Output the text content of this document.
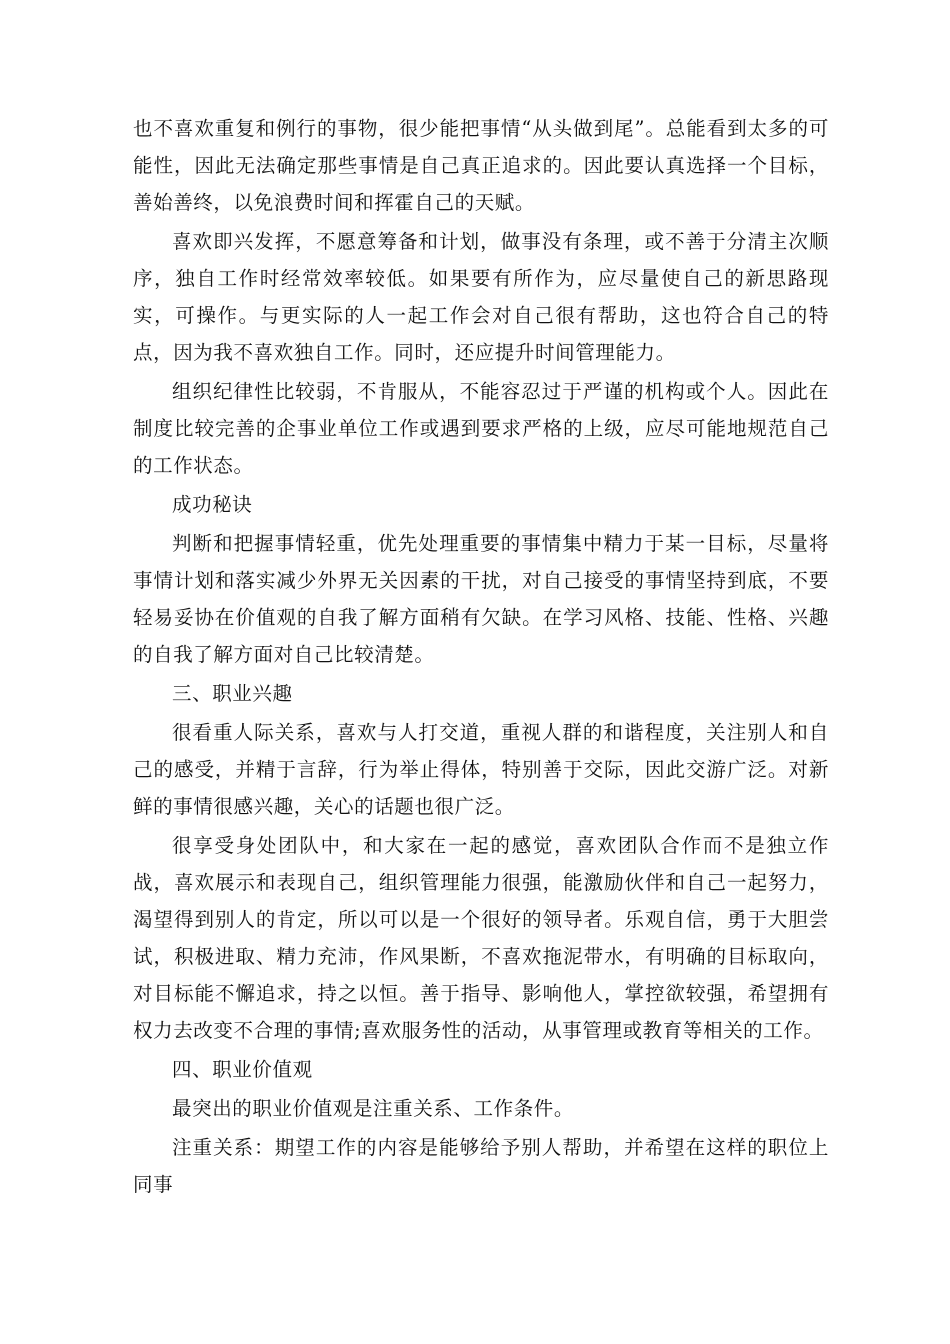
也不喜欢重复和例行的事物，很少能把事情“从头做到尾”。总能看到太多的可能性，因此无法确定那些事情是自己真正追求的。因此要认真选择一个目标，善始善终，以免浪费时间和挥霍自己的天赋。

喜欢即兴发挥，不愿意筹备和计划，做事没有条理，或不善于分清主次顺序，独自工作时经常效率较低。如果要有所作为，应尽量使自己的新思路现实，可操作。与更实际的人一起工作会对自己很有帮助，这也符合自己的特点，因为我不喜欢独自工作。同时，还应提升时间管理能力。

组织纪律性比较弱，不肯服从，不能容忍过于严谨的机构或个人。因此在制度比较完善的企事业单位工作或遇到要求严格的上级，应尽可能地规范自己的工作状态。

成功秘诀

判断和把握事情轻重，优先处理重要的事情集中精力于某一目标，尽量将事情计划和落实减少外界无关因素的干扰，对自己接受的事情坚持到底，不要轻易妥协在价值观的自我了解方面稍有欠缺。在学习风格、技能、性格、兴趣的自我了解方面对自己比较清楚。

三、职业兴趣

很看重人际关系，喜欢与人打交道，重视人群的和谐程度，关注别人和自己的感受，并精于言辞，行为举止得体，特别善于交际，因此交游广泛。对新鲜的事情很感兴趣，关心的话题也很广泛。

很享受身处团队中，和大家在一起的感觉，喜欢团队合作而不是独立作战，喜欢展示和表现自己，组织管理能力很强，能激励伙伴和自己一起努力，渴望得到别人的肯定，所以可以是一个很好的领导者。乐观自信，勇于大胆尝试，积极进取、精力充沛，作风果断，不喜欢拖泥带水，有明确的目标取向，对目标能不懈追求，持之以恒。善于指导、影响他人，掌控欲较强，希望拥有权力去改变不合理的事情;喜欢服务性的活动，从事管理或教育等相关的工作。

四、职业价值观

最突出的职业价值观是注重关系、工作条件。

注重关系：期望工作的内容是能够给予别人帮助，并希望在这样的职位上同事
